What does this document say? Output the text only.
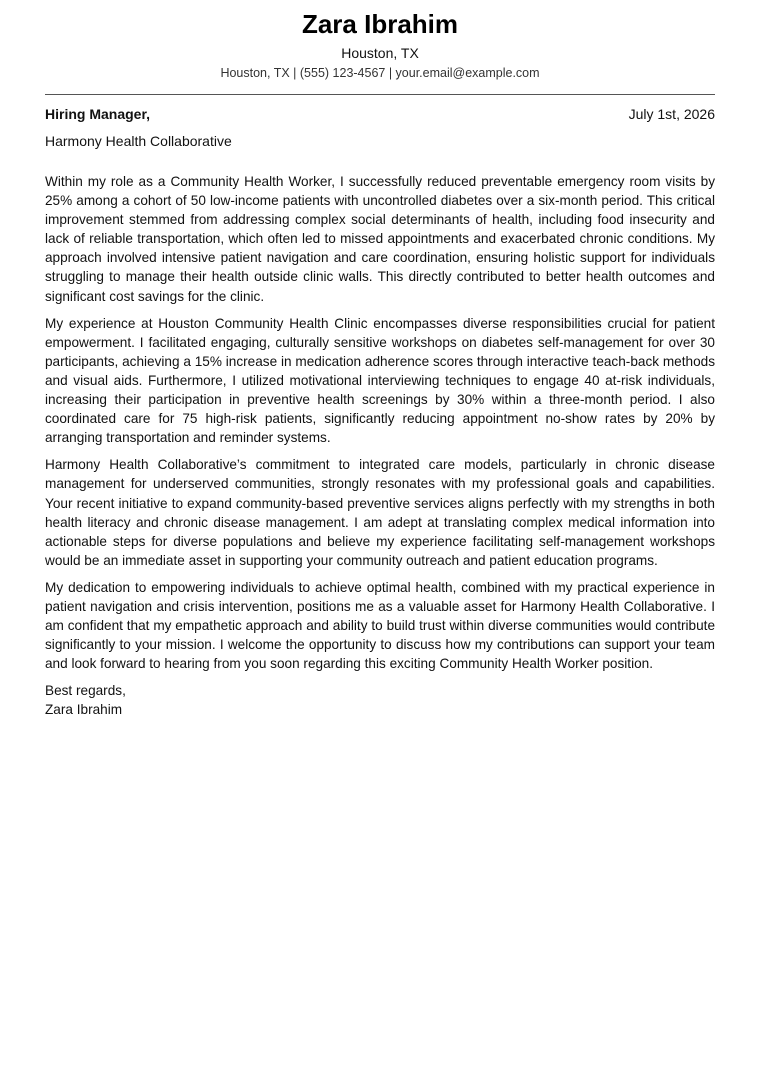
Zara Ibrahim
Houston, TX
Houston, TX | (555) 123-4567 | your.email@example.com
Hiring Manager,	July 1st, 2026
Harmony Health Collaborative

Within my role as a Community Health Worker, I successfully reduced preventable emergency room visits by 25% among a cohort of 50 low-income patients with uncontrolled diabetes over a six-month period. This critical improvement stemmed from addressing complex social determinants of health, including food insecurity and lack of reliable transportation, which often led to missed appointments and exacerbated chronic conditions. My approach involved intensive patient navigation and care coordination, ensuring holistic support for individuals struggling to manage their health outside clinic walls. This directly contributed to better health outcomes and significant cost savings for the clinic.

My experience at Houston Community Health Clinic encompasses diverse responsibilities crucial for patient empowerment. I facilitated engaging, culturally sensitive workshops on diabetes self-management for over 30 participants, achieving a 15% increase in medication adherence scores through interactive teach-back methods and visual aids. Furthermore, I utilized motivational interviewing techniques to engage 40 at-risk individuals, increasing their participation in preventive health screenings by 30% within a three-month period. I also coordinated care for 75 high-risk patients, significantly reducing appointment no-show rates by 20% by arranging transportation and reminder systems.

Harmony Health Collaborative’s commitment to integrated care models, particularly in chronic disease management for underserved communities, strongly resonates with my professional goals and capabilities. Your recent initiative to expand community-based preventive services aligns perfectly with my strengths in both health literacy and chronic disease management. I am adept at translating complex medical information into actionable steps for diverse populations and believe my experience facilitating self-management workshops would be an immediate asset in supporting your community outreach and patient education programs.

My dedication to empowering individuals to achieve optimal health, combined with my practical experience in patient navigation and crisis intervention, positions me as a valuable asset for Harmony Health Collaborative. I am confident that my empathetic approach and ability to build trust within diverse communities would contribute significantly to your mission. I welcome the opportunity to discuss how my contributions can support your team and look forward to hearing from you soon regarding this exciting Community Health Worker position.

Best regards,
Zara Ibrahim
